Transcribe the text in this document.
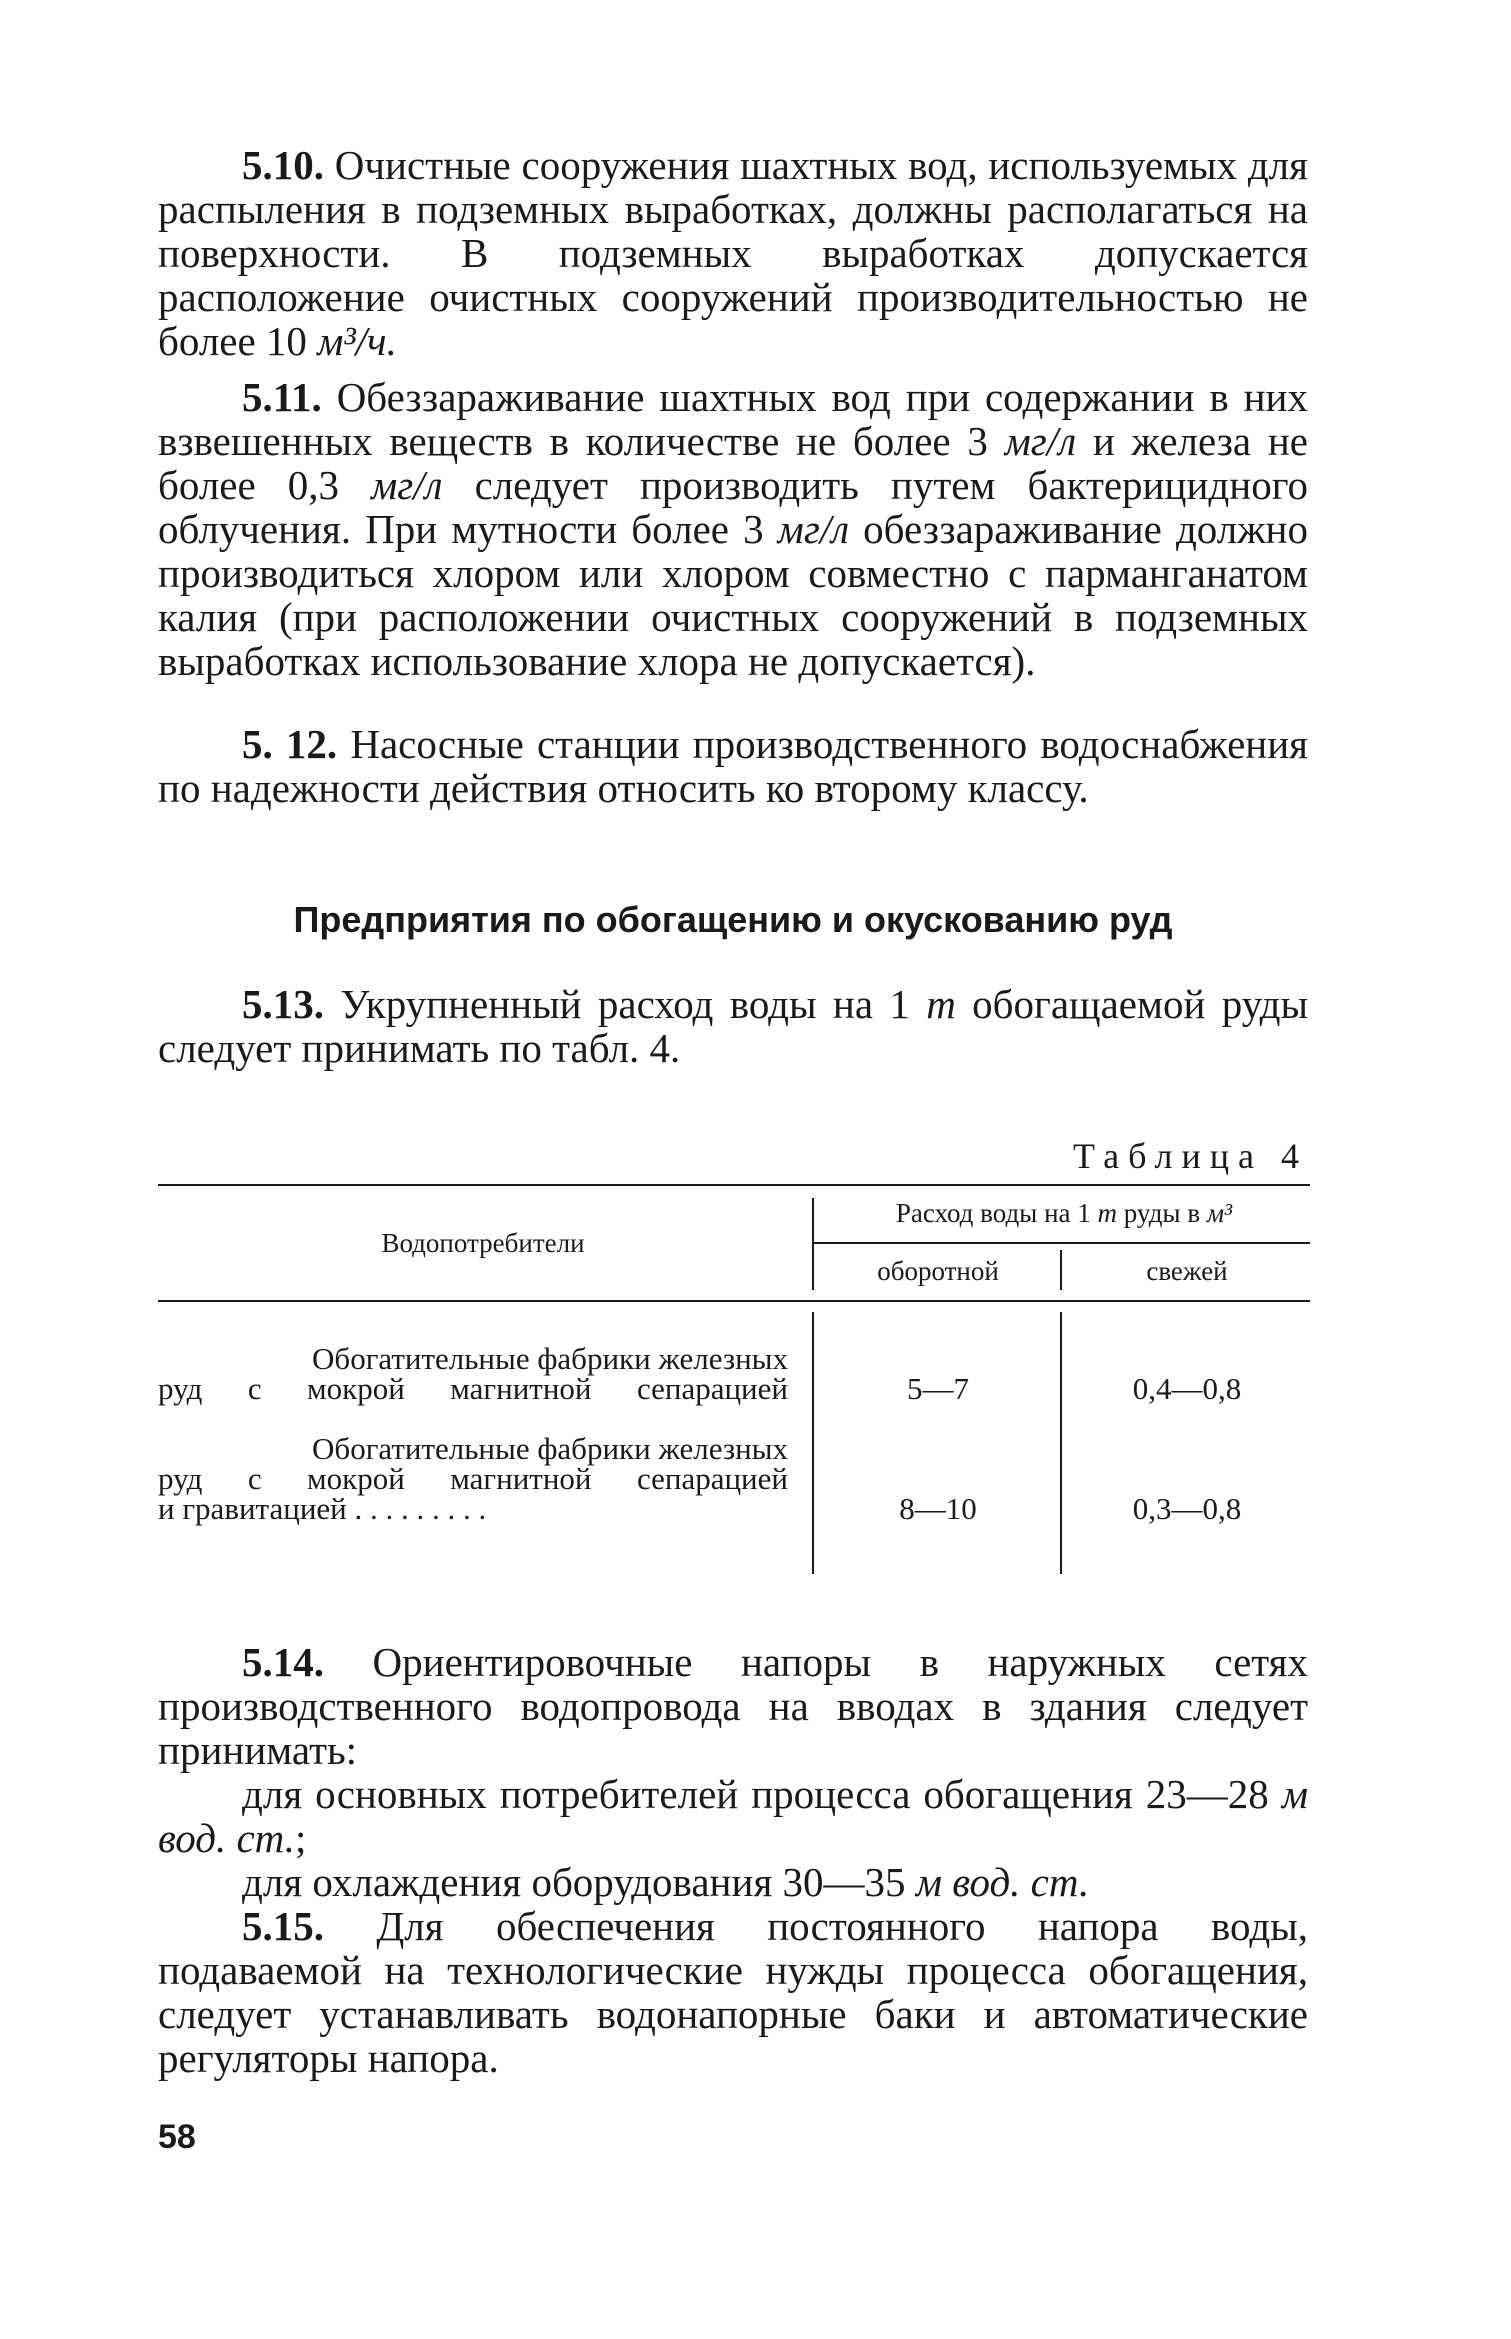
5.10. Очистные сооружения шахтных вод, используемых для распыления в подземных выработках, должны располагаться на поверхности. В подземных выработках допускается расположение очистных сооружений производительностью не более 10 м³/ч.

5.11. Обеззараживание шахтных вод при содержании в них взвешенных веществ в количестве не более 3 мг/л и железа не более 0,3 мг/л следует производить путем бактерицидного облучения. При мутности более 3 мг/л обеззараживание должно производиться хлором или хлором совместно с парманганатом калия (при расположении очистных сооружений в подземных выработках использование хлора не допускается).

5. 12. Насосные станции производственного водоснабжения по надежности действия относить ко второму классу.

Предприятия по обогащению и окускованию руд

5.13. Укрупненный расход воды на 1 т обогащаемой руды следует принимать по табл. 4.

Таблица 4
Водопотребители
Расход воды на 1 т руды в м³
оборотной	свежей
Обогатительные фабрики железных
руд с мокрой магнитной сепарацией	5—7	0,4—0,8
Обогатительные фабрики железных
руд с мокрой магнитной сепарацией
и гравитацией . . . . . . . . .	8—10	0,3—0,8

5.14. Ориентировочные напоры в наружных сетях производственного водопровода на вводах в здания следует принимать:

для основных потребителей процесса обогащения 23—28 м вод. ст.;

для охлаждения оборудования 30—35 м вод. ст.

5.15. Для обеспечения постоянного напора воды, подаваемой на технологические нужды процесса обогащения, следует устанавливать водонапорные баки и автоматические регуляторы напора.

58
